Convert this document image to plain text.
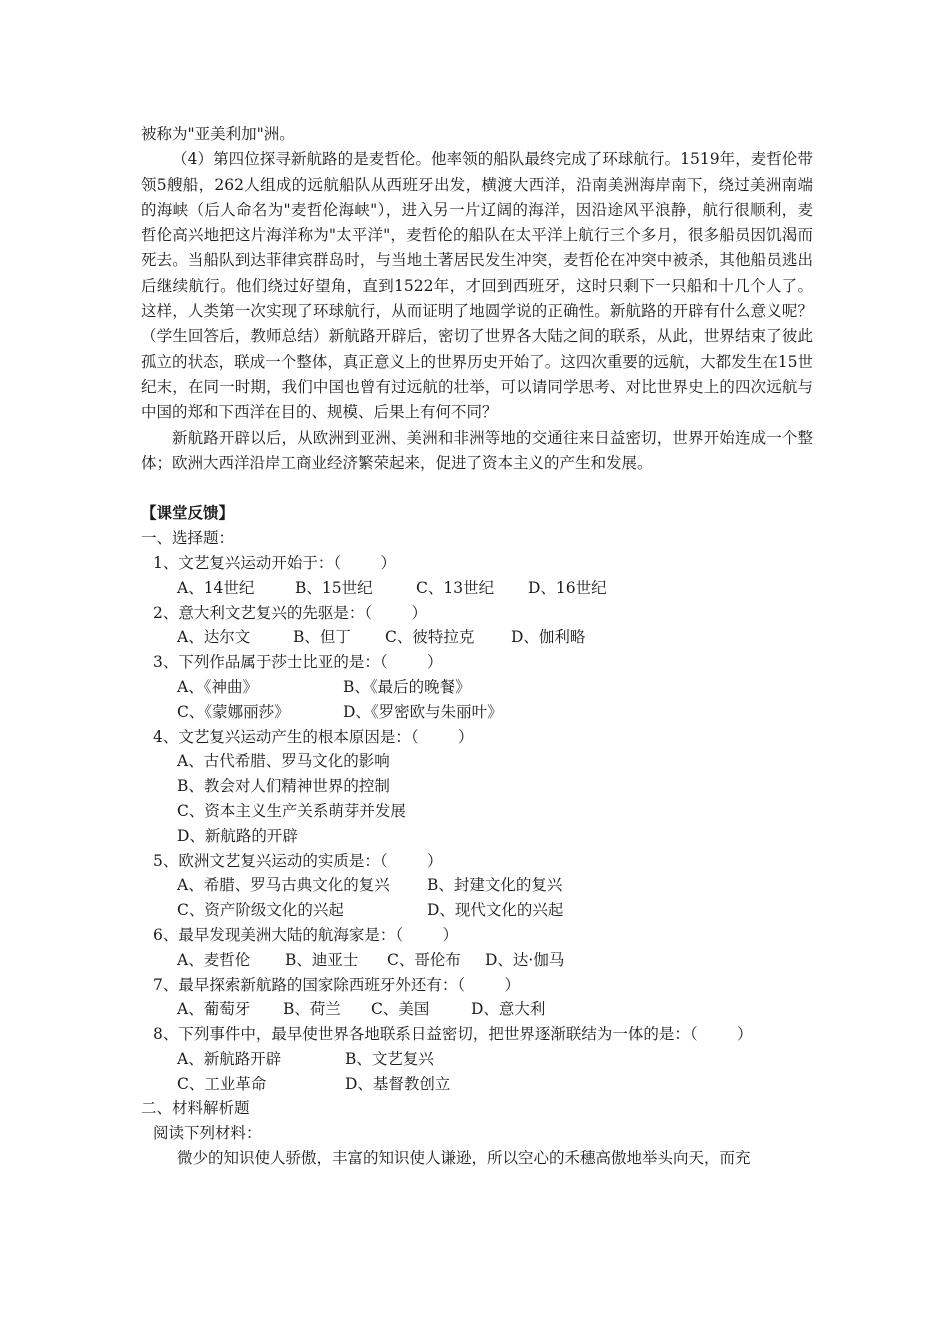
被称为"亚美利加"洲。

（4）第四位探寻新航路的是麦哲伦。他率领的船队最终完成了环球航行。1519年，麦哲伦带领5艘船，262人组成的远航船队从西班牙出发，横渡大西洋，沿南美洲海岸南下，绕过美洲南端的海峡（后人命名为"麦哲伦海峡"），进入另一片辽阔的海洋，因沿途风平浪静，航行很顺利，麦哲伦高兴地把这片海洋称为"太平洋"，麦哲伦的船队在太平洋上航行三个多月，很多船员因饥渴而死去。当船队到达菲律宾群岛时，与当地土著居民发生冲突，麦哲伦在冲突中被杀，其他船员逃出后继续航行。他们绕过好望角，直到1522年，才回到西班牙，这时只剩下一只船和十几个人了。这样，人类第一次实现了环球航行，从而证明了地圆学说的正确性。新航路的开辟有什么意义呢？（学生回答后，教师总结）新航路开辟后，密切了世界各大陆之间的联系，从此，世界结束了彼此孤立的状态，联成一个整体，真正意义上的世界历史开始了。这四次重要的远航，大都发生在15世纪末，在同一时期，我们中国也曾有过远航的壮举，可以请同学思考、对比世界史上的四次远航与中国的郑和下西洋在目的、规模、后果上有何不同？

新航路开辟以后，从欧洲到亚洲、美洲和非洲等地的交通往来日益密切，世界开始连成一个整体；欧洲大西洋沿岸工商业经济繁荣起来，促进了资本主义的产生和发展。

【课堂反馈】

一、选择题：

1、文艺复兴运动开始于：（        ）

A、14世纪	B、15世纪	C、13世纪 D、16世纪

2、意大利文艺复兴的先驱是：（        ）

A、达尔文	B、但丁 C、彼特拉克 D、伽利略

3、下列作品属于莎士比亚的是：（        ）

A、《神曲》	B、《最后的晚餐》

C、《蒙娜丽莎》	D、《罗密欧与朱丽叶》

4、文艺复兴运动产生的根本原因是：（        ）

A、古代希腊、罗马文化的影响

B、教会对人们精神世界的控制

C、资本主义生产关系萌芽并发展

D、新航路的开辟

5、欧洲文艺复兴运动的实质是：（        ）

A、希腊、罗马古典文化的复兴 B、封建文化的复兴

C、资产阶级文化的兴起	D、现代文化的兴起

6、最早发现美洲大陆的航海家是：（        ）

A、麦哲伦 B、迪亚士 C、哥伦布 D、达·伽马

7、最早探索新航路的国家除西班牙外还有：（        ）

A、葡萄牙 B、荷兰 C、美国	D、意大利

8、下列事件中，最早使世界各地联系日益密切，把世界逐渐联结为一体的是：（        ）

A、新航路开辟	B、文艺复兴

C、工业革命	D、基督教创立

二、材料解析题

阅读下列材料：

微少的知识使人骄傲，丰富的知识使人谦逊，所以空心的禾穗高傲地举头向天，而充
